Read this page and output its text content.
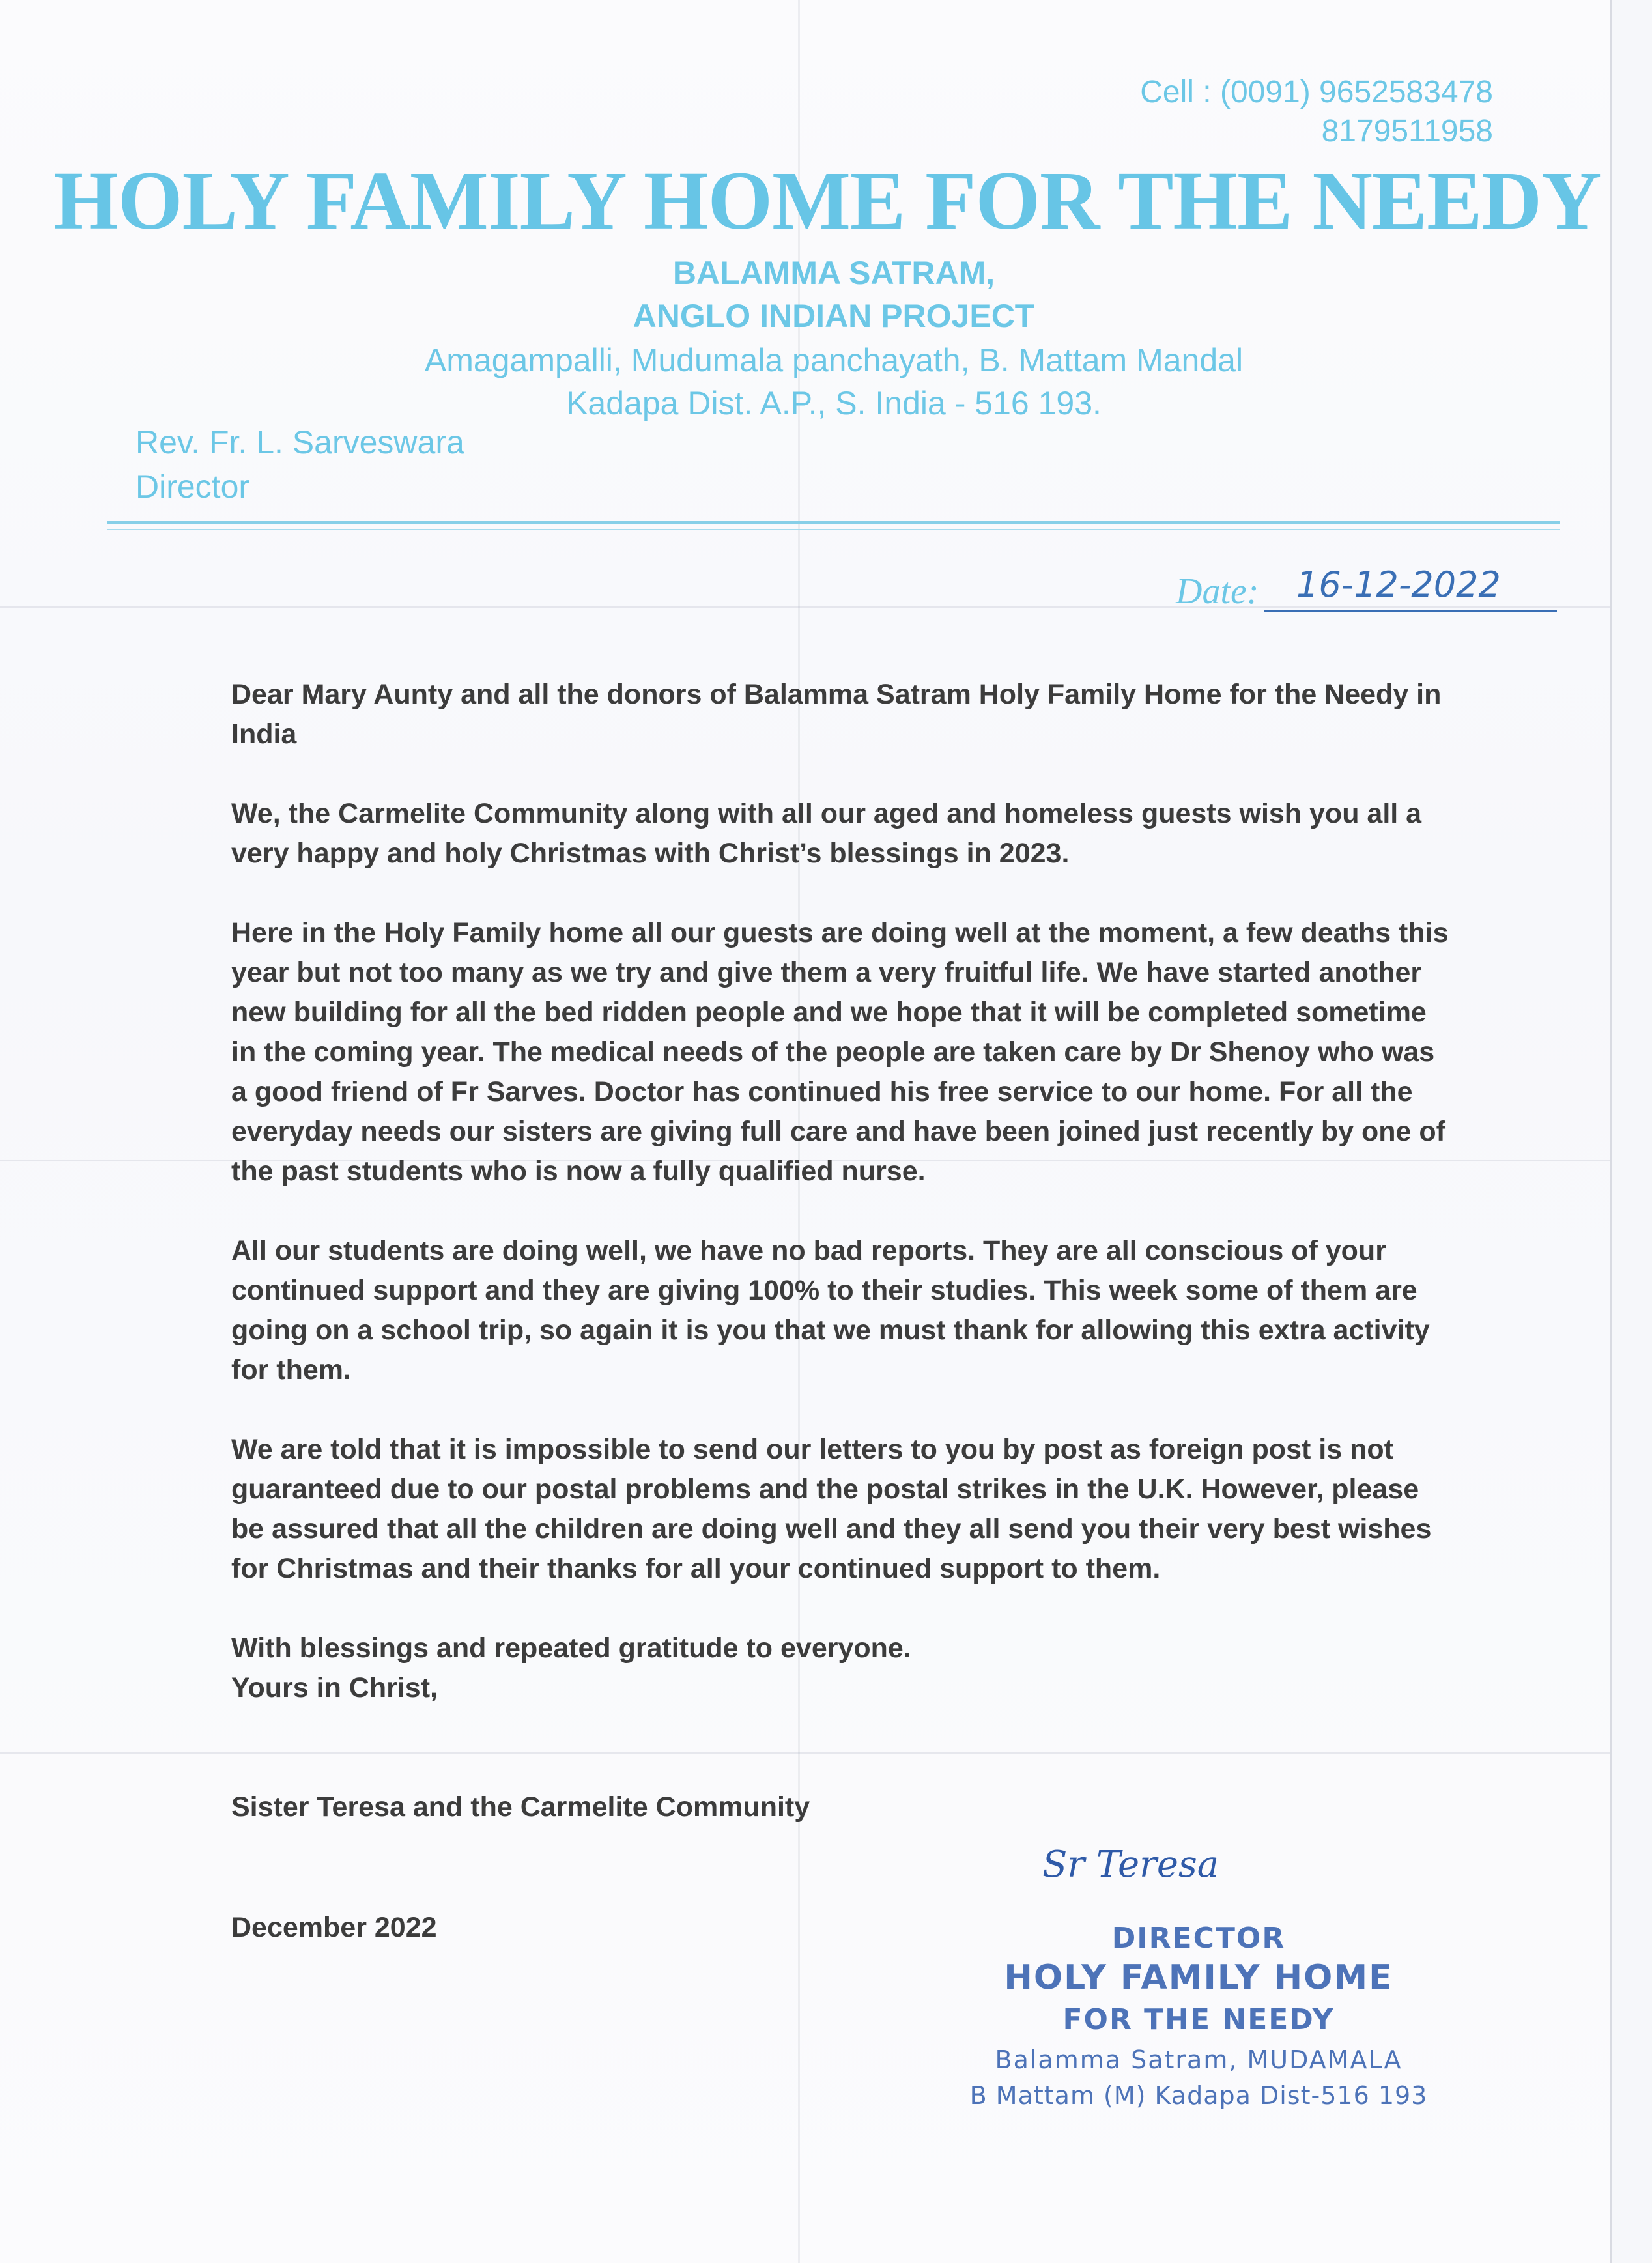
Cell : (0091) 9652583478
8179511958
HOLY FAMILY HOME FOR THE NEEDY
BALAMMA SATRAM,
ANGLO INDIAN PROJECT
Amagampalli, Mudumala panchayath, B. Mattam Mandal
Kadapa Dist. A.P., S. India - 516 193.
Rev. Fr. L. Sarveswara
Director
Date:	16-12-2022

Dear Mary Aunty and all the donors of Balamma Satram Holy Family Home for the Needy in India

We, the Carmelite Community along with all our aged and homeless guests wish you all a very happy and holy Christmas with Christ’s blessings in 2023.

Here in the Holy Family home all our guests are doing well at the moment, a few deaths this year but not too many as we try and give them a very fruitful life. We have started another new building for all the bed ridden people and we hope that it will be completed sometime in the coming year. The medical needs of the people are taken care by Dr Shenoy who was a good friend of Fr Sarves. Doctor has continued his free service to our home. For all the everyday needs our sisters are giving full care and have been joined just recently by one of the past students who is now a fully qualified nurse.

All our students are doing well, we have no bad reports. They are all conscious of your continued support and they are giving 100% to their studies. This week some of them are going on a school trip, so again it is you that we must thank for allowing this extra activity for them.

We are told that it is impossible to send our letters to you by post as foreign post is not guaranteed due to our postal problems and the postal strikes in the U.K. However, please be assured that all the children are doing well and they all send you their very best wishes for Christmas and their thanks for all your continued support to them.

With blessings and repeated gratitude to everyone.
Yours in Christ,
Sister Teresa and the Carmelite Community
December 2022
Sr Teresa
DIRECTOR
HOLY FAMILY HOME
FOR THE NEEDY
Balamma Satram, MUDAMALA
B Mattam (M) Kadapa Dist-516 193
